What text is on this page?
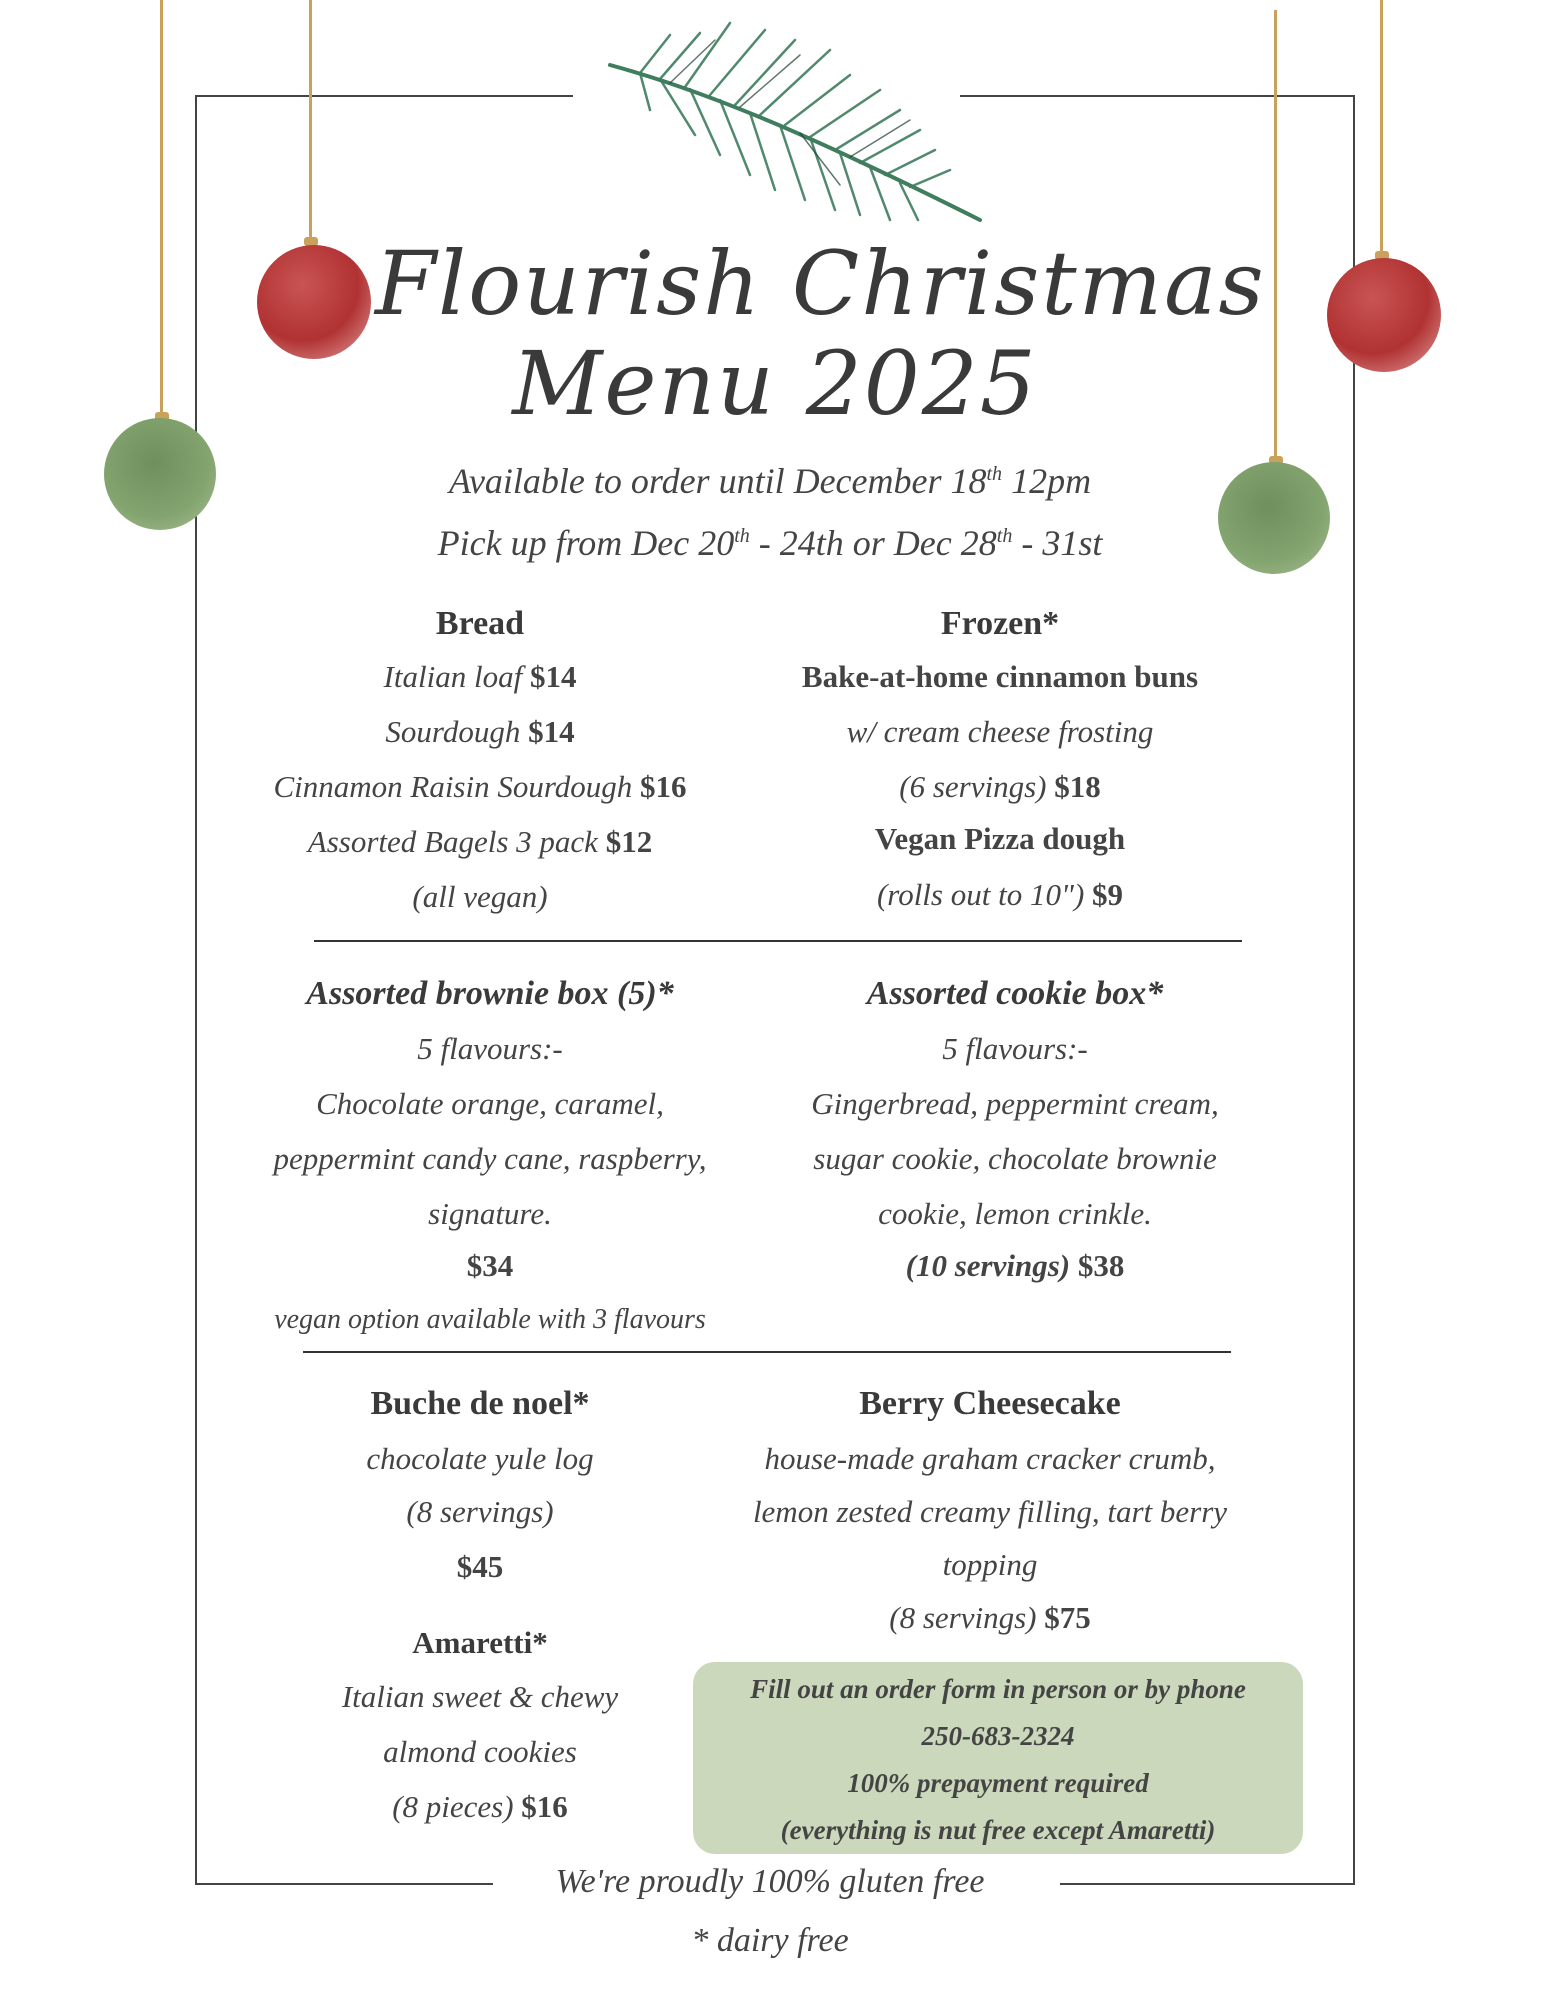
Flourish Christmas
Menu 2025
Available to order until December 18th 12pm
Pick up from Dec 20th - 24th or Dec 28th - 31st
Bread
Italian loaf $14
Sourdough $14
Cinnamon Raisin Sourdough $16
Assorted Bagels 3 pack $12
(all vegan)
Frozen*
Bake-at-home cinnamon buns
w/ cream cheese frosting
(6 servings) $18
Vegan Pizza dough
(rolls out to 10") $9
Assorted brownie box (5)*
5 flavours:-
Chocolate orange, caramel,
peppermint candy cane, raspberry,
signature.
$34
vegan option available with 3 flavours
Assorted cookie box*
5 flavours:-
Gingerbread, peppermint cream,
sugar cookie, chocolate brownie
cookie, lemon crinkle.
(10 servings) $38
Buche de noel*
chocolate yule log
(8 servings)
$45
Berry Cheesecake
house-made graham cracker crumb,
lemon zested creamy filling, tart berry
topping
(8 servings) $75
Amaretti*
Italian sweet & chewy
almond cookies
(8 pieces) $16
Fill out an order form in person or by phone
250-683-2324
100% prepayment required
(everything is nut free except Amaretti)
We're proudly 100% gluten free
* dairy free
